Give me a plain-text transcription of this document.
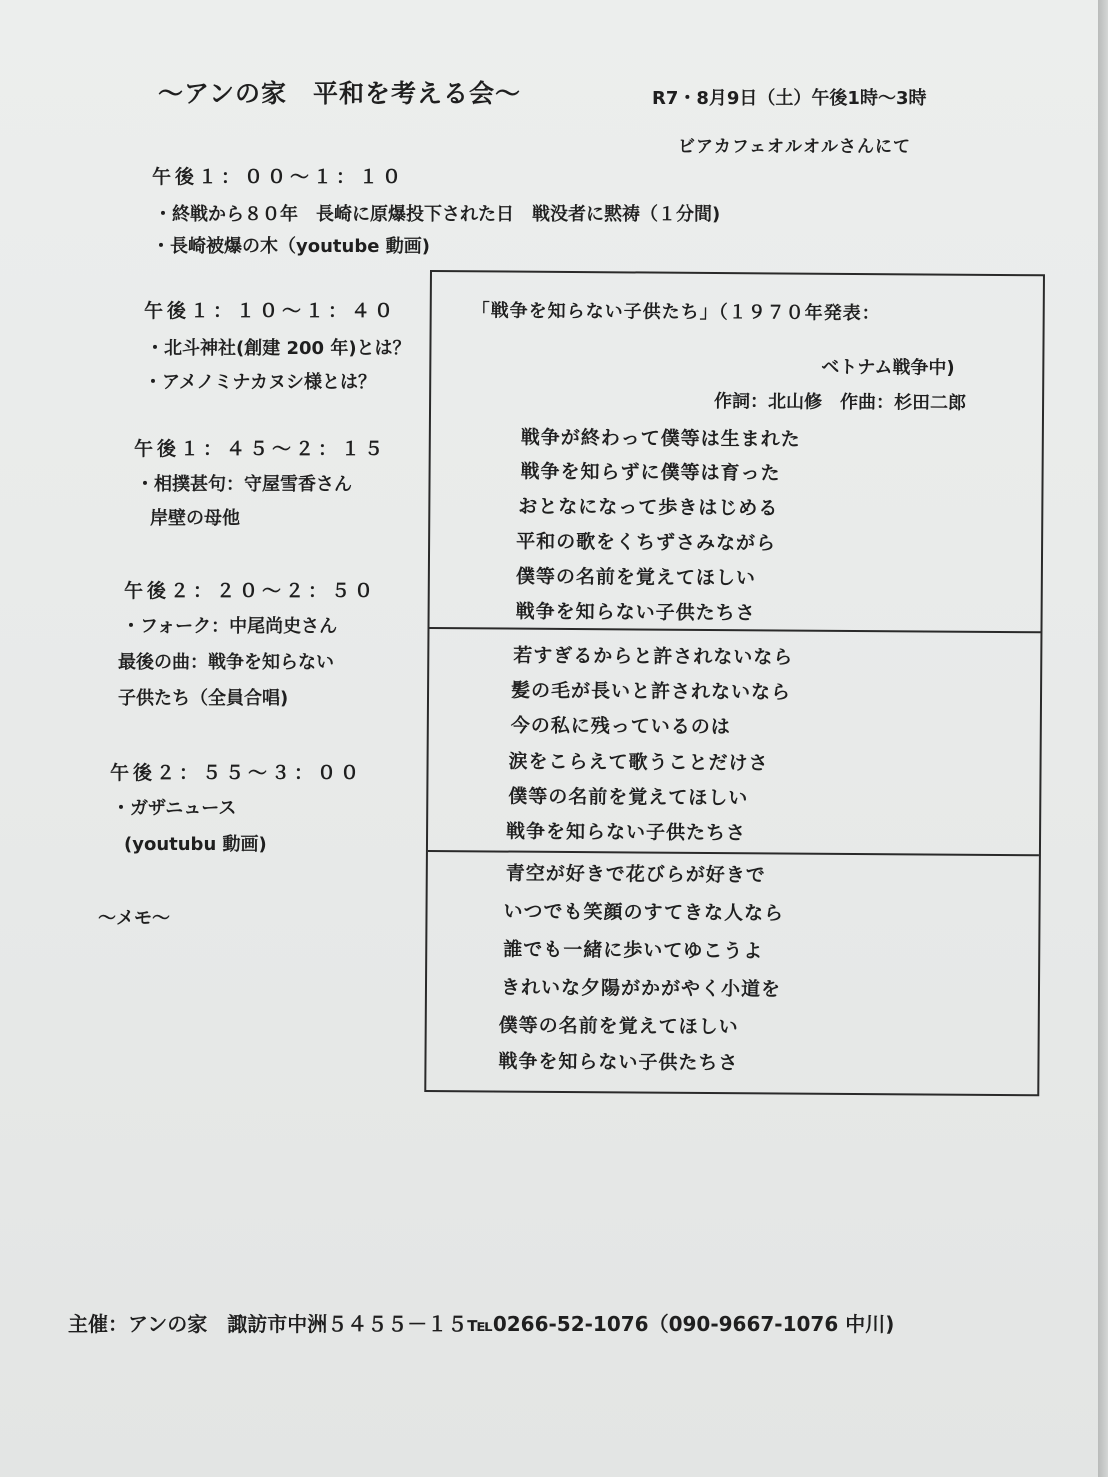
〜アンの家　平和を考える会〜	R7・8月9日（土）午後1時〜3時
ビアカフェオルオルさんにて
午後１：００〜１：１０
・終戦から８０年　長崎に原爆投下された日　戦没者に黙祷（１分間)
・長崎被爆の木（youtube 動画)
午後１：１０〜１：４０
・北斗神社(創建 200 年)とは？
・アメノミナカヌシ様とは？
午後１：４５〜２：１５
・相撲甚句：守屋雪香さん
岸壁の母他
午後２：２０〜２：５０
・フォーク：中尾尚史さん
最後の曲：戦争を知らない
子供たち（全員合唱)
午後２：５５〜３：００
・ガザニュース
(youtubu 動画)
〜メモ〜
「戦争を知らない子供たち」（１９７０年発表：
ベトナム戦争中)
作詞：北山修　作曲：杉田二郎
戦争が終わって僕等は生まれた
戦争を知らずに僕等は育った
おとなになって歩きはじめる
平和の歌をくちずさみながら
僕等の名前を覚えてほしい
戦争を知らない子供たちさ
若すぎるからと許されないなら
髪の毛が長いと許されないなら
今の私に残っているのは
涙をこらえて歌うことだけさ
僕等の名前を覚えてほしい
戦争を知らない子供たちさ
青空が好きで花びらが好きで
いつでも笑顔のすてきな人なら
誰でも一緒に歩いてゆこうよ
きれいな夕陽がかがやく小道を
僕等の名前を覚えてほしい
戦争を知らない子供たちさ
主催：アンの家　諏訪市中洲５４５５－１５℡0266-52-1076（090-9667-1076 中川)
